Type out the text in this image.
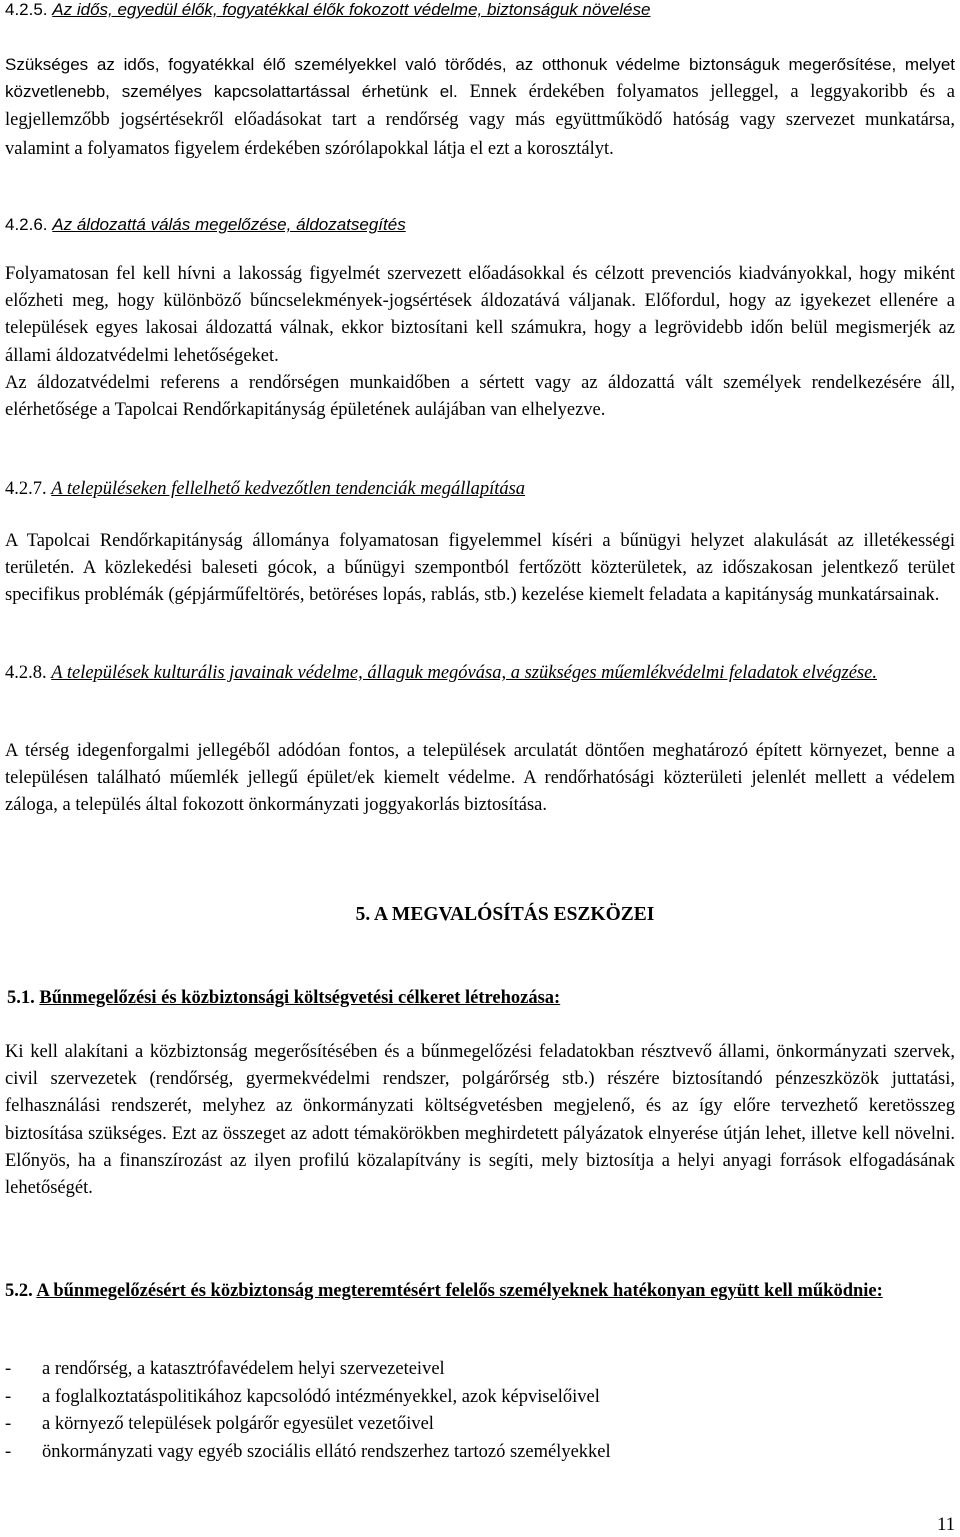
4.2.5. Az idős, egyedül élők, fogyatékkal élők fokozott védelme, biztonságuk növelése

Szükséges az idős, fogyatékkal élő személyekkel való törődés, az otthonuk védelme biztonságuk megerősítése, melyet közvetlenebb, személyes kapcsolattartással érhetünk el. Ennek érdekében folyamatos jelleggel, a leggyakoribb és a legjellemzőbb jogsértésekről előadásokat tart a rendőrség vagy más együttműködő hatóság vagy szervezet munkatársa, valamint a folyamatos figyelem érdekében szórólapokkal látja el ezt a korosztályt.

4.2.6. Az áldozattá válás megelőzése, áldozatsegítés

Folyamatosan fel kell hívni a lakosság figyelmét szervezett előadásokkal és célzott prevenciós kiadványokkal, hogy miként előzheti meg, hogy különböző bűncselekmények-jogsértések áldozatává váljanak. Előfordul, hogy az igyekezet ellenére a települések egyes lakosai áldozattá válnak, ekkor biztosítani kell számukra, hogy a legrövidebb időn belül megismerjék az állami áldozatvédelmi lehetőségeket.

Az áldozatvédelmi referens a rendőrségen munkaidőben a sértett vagy az áldozattá vált személyek rendelkezésére áll, elérhetősége a Tapolcai Rendőrkapitányság épületének aulájában van elhelyezve.

4.2.7. A településeken fellelhető kedvezőtlen tendenciák megállapítása

A Tapolcai Rendőrkapitányság állománya folyamatosan figyelemmel kíséri a bűnügyi helyzet alakulását az illetékességi területén. A közlekedési baleseti gócok, a bűnügyi szempontból fertőzött közterületek, az időszakosan jelentkező terület specifikus problémák (gépjárműfeltörés, betöréses lopás, rablás, stb.) kezelése kiemelt feladata a kapitányság munkatársainak.

4.2.8. A települések kulturális javainak védelme, állaguk megóvása, a szükséges műemlékvédelmi feladatok elvégzése.

A térség idegenforgalmi jellegéből adódóan fontos, a települések arculatát döntően meghatározó épített környezet, benne a településen található műemlék jellegű épület/ek kiemelt védelme. A rendőrhatósági közterületi jelenlét mellett a védelem záloga, a település által fokozott önkormányzati joggyakorlás biztosítása.

5. A MEGVALÓSÍTÁS ESZKÖZEI
5.1. Bűnmegelőzési és közbiztonsági költségvetési célkeret létrehozása:

Ki kell alakítani a közbiztonság megerősítésében és a bűnmegelőzési feladatokban résztvevő állami, önkormányzati szervek, civil szervezetek (rendőrség, gyermekvédelmi rendszer, polgárőrség stb.) részére biztosítandó pénzeszközök juttatási, felhasználási rendszerét, melyhez az önkormányzati költségvetésben megjelenő, és az így előre tervezhető keretösszeg biztosítása szükséges. Ezt az összeget az adott témakörökben meghirdetett pályázatok elnyerése útján lehet, illetve kell növelni. Előnyös, ha a finanszírozást az ilyen profilú közalapítvány is segíti, mely biztosítja a helyi anyagi források elfogadásának lehetőségét.

5.2. A bűnmegelőzésért és közbiztonság megteremtésért felelős személyeknek hatékonyan együtt kell működnie:

-	a rendőrség, a katasztrófavédelem helyi szervezeteivel
-	a foglalkoztatáspolitikához kapcsolódó intézményekkel, azok képviselőivel
-	a környező települések polgárőr egyesület vezetőivel
-	önkormányzati vagy egyéb szociális ellátó rendszerhez tartozó személyekkel
11
